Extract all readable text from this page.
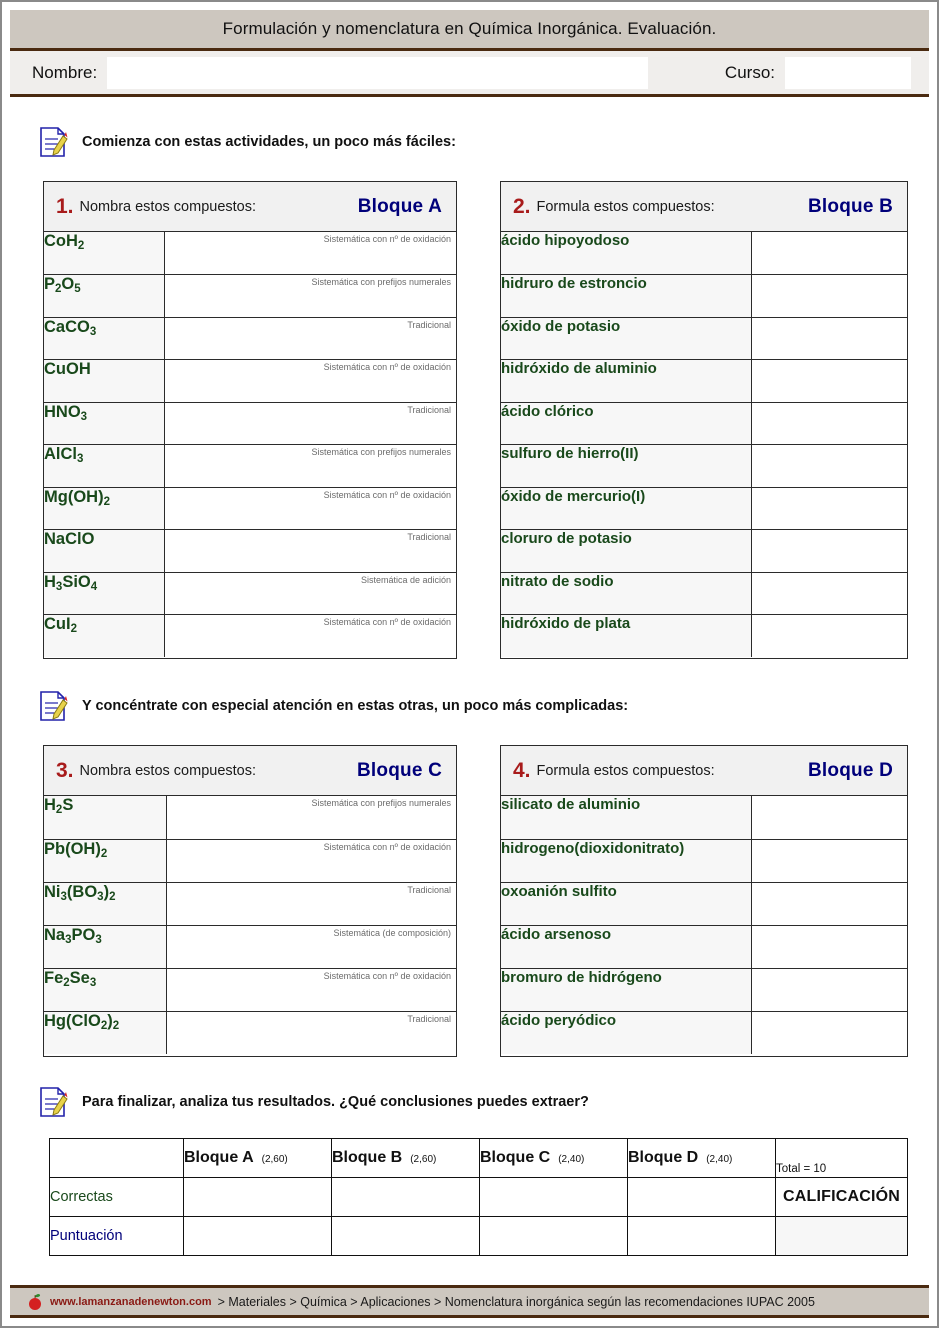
Formulación y nomenclatura en Química Inorgánica. Evaluación.
Nombre:	Curso:
Comienza con estas actividades, un poco más fáciles:
1. Nombra estos compuestos:	Bloque A
CoH$_2$	Sistemática con nº de oxidación

$P_2O_5$	Sistemática con prefijos numerales

CaCO$_3$	Tradicional

CuOH	Sistemática con nº de oxidación

$HNO_3$	Tradicional

AlCl$_3$	Sistemática con prefijos numerales

$Mg(OH)_2$	Sistemática con nº de oxidación

NaClO	Tradicional

$H_3SiO_4$	Sistemática de adición

CuI$_2$	Sistemática con nº de oxidación
2. Formula estos compuestos:	Bloque B
ácido hipoyodoso	
hidruro de estroncio	
óxido de potasio	
hidróxido de aluminio	
ácido clórico	
sulfuro de hierro(II)	
óxido de mercurio(I)	
cloruro de potasio	
nitrato de sodio	
hidróxido de plata	
Y concéntrate con especial atención en estas otras, un poco más complicadas:
3. Nombra estos compuestos:	Bloque C
$H_2S$	Sistemática con prefijos numerales

$Pb(OH)_2$	Sistemática con nº de oxidación

$Ni_3(BO_3)_2$	Tradicional

$Na_3PO_3$	Sistemática (de composición)

$Fe_2Se_3$	Sistemática con nº de oxidación

$Hg(ClO_2)_2$	Tradicional
4. Formula estos compuestos:	Bloque D
silicato de aluminio	
hidrogeno(dioxidonitrato)	
oxoanión sulfito	
ácido arsenoso	
bromuro de hidrógeno	
ácido peryódico	
Para finalizar, analiza tus resultados. ¿Qué conclusiones puedes extraer?
	Bloque A (2,60)	Bloque B (2,60)	Bloque C (2,40)	Bloque D (2,40)	Total = 10
Correctas					CALIFICACIÓN
Puntuación					
www.lamanzanadenewton.com > Materiales > Química > Aplicaciones > Nomenclatura inorgánica según las recomendaciones IUPAC 2005
